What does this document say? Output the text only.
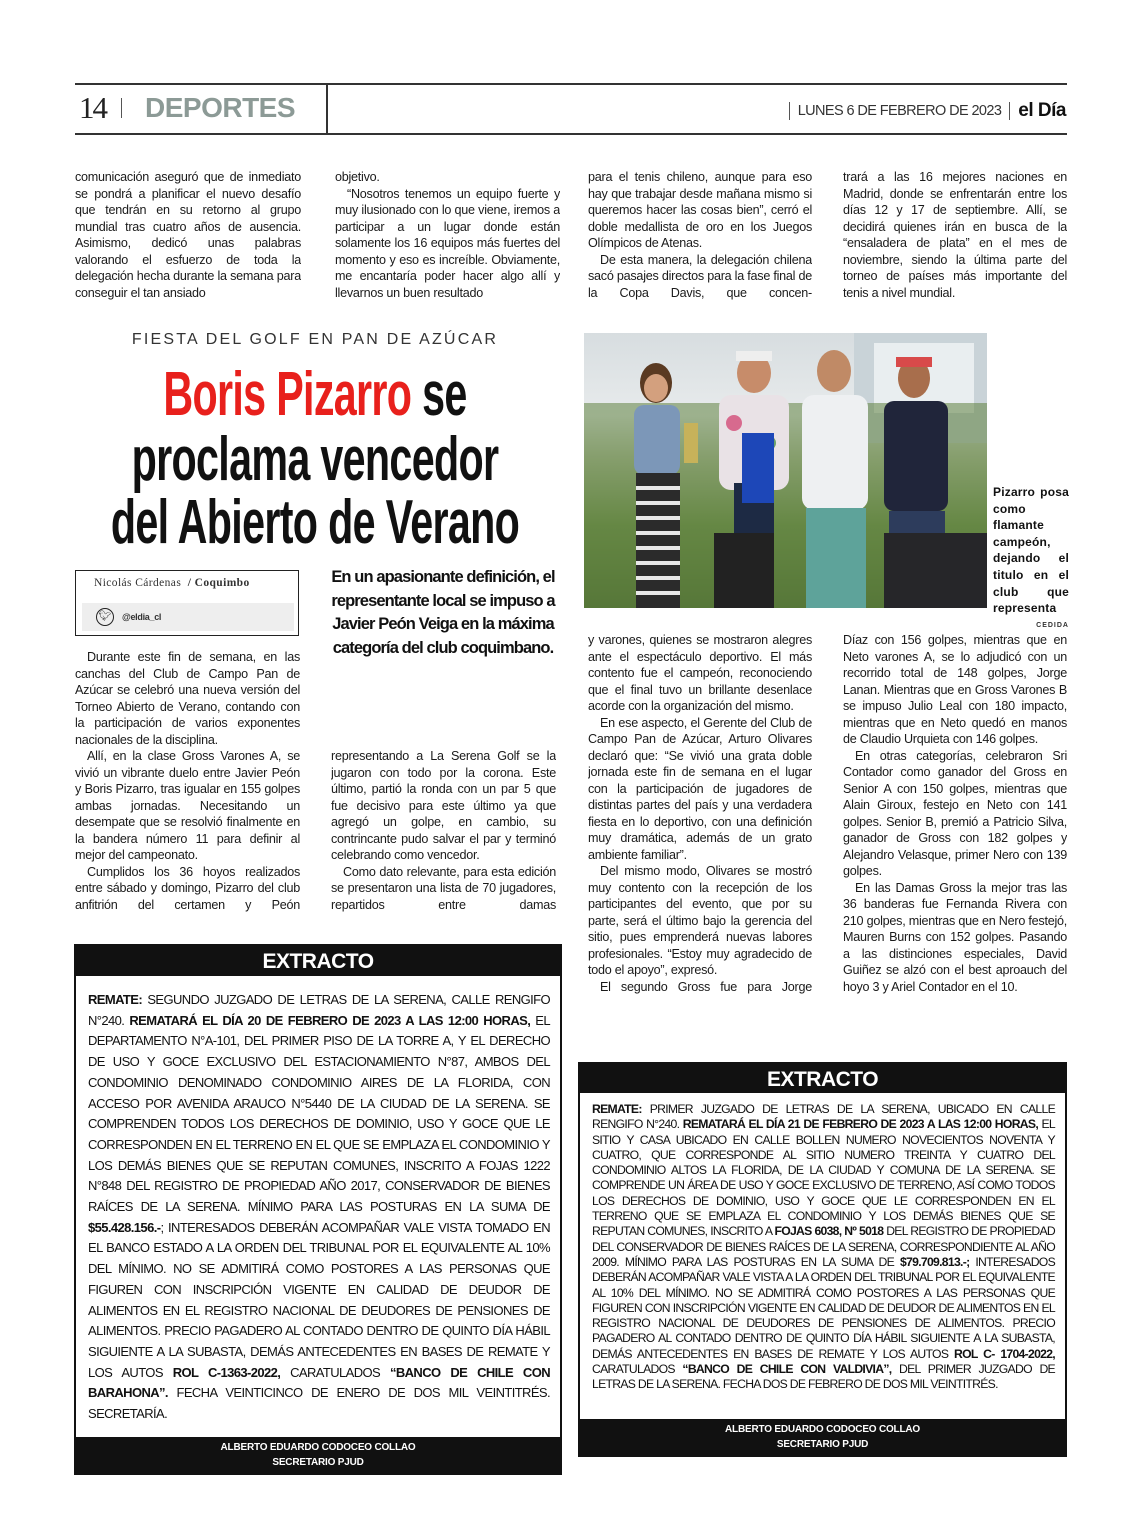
14 DEPORTES	LUNES 6 DE FEBRERO DE 2023 el Día

comunicación aseguró que de inmediato se pondrá a planificar el nuevo desafío que tendrán en su retorno al grupo mundial tras cuatro años de ausencia. Asimismo, dedicó unas palabras valorando el esfuerzo de toda la delegación hecha durante la semana para conseguir el tan ansiado

objetivo.

“Nosotros tenemos un equipo fuerte y muy ilusionado con lo que viene, iremos a participar a un lugar donde están solamente los 16 equipos más fuertes del momento y eso es increíble. Obviamente, me encantaría poder hacer algo allí y llevarnos un buen resultado

para el tenis chileno, aunque para eso hay que trabajar desde mañana mismo si queremos hacer las cosas bien”, cerró el doble medallista de oro en los Juegos Olímpicos de Atenas.

De esta manera, la delegación chilena sacó pasajes directos para la fase final de la Copa Davis, que concen-

trará a las 16 mejores naciones en Madrid, donde se enfrentarán entre los días 12 y 17 de septiembre. Allí, se decidirá quienes irán en busca de la “ensaladera de plata” en el mes de noviembre, siendo la última parte del torneo de países más importante del tenis a nivel mundial.

FIESTA DEL GOLF EN PAN DE AZÚCAR
Boris Pizarro se
proclama vencedor
del Abierto de Verano
Nicolás Cárdenas / Coquimbo
🐦︎ @eldia_cl
En un apasionante definición, el representante local se impuso a Javier Peón Veiga en la máxima categoría del club coquimbano.

representando a La Serena Golf se la jugaron con todo por la corona. Este último, partió la ronda con un par 5 que fue decisivo para este último ya que agregó un golpe, en cambio, su contrincante pudo salvar el par y terminó celebrando como vencedor.

Como dato relevante, para esta edición se presentaron una lista de 70 jugadores, repartidos entre damas

Pizarro posa como flamante campeón, dejando el titulo en el club que representa
CEDIDA

Durante este fin de semana, en las canchas del Club de Campo Pan de Azúcar se celebró una nueva versión del Torneo Abierto de Verano, contando con la participación de varios exponentes nacionales de la disciplina.

Allí, en la clase Gross Varones A, se vivió un vibrante duelo entre Javier Peón y Boris Pizarro, tras igualar en 155 golpes ambas jornadas. Necesitando un desempate que se resolvió finalmente en la bandera número 11 para definir al mejor del campeonato.

Cumplidos los 36 hoyos realizados entre sábado y domingo, Pizarro del club anfitrión del certamen y Peón

y varones, quienes se mostraron alegres ante el espectáculo deportivo. El más contento fue el campeón, reconociendo que el final tuvo un brillante desenlace acorde con la organización del mismo.

En ese aspecto, el Gerente del Club de Campo Pan de Azúcar, Arturo Olivares declaró que: “Se vivió una grata doble jornada este fin de semana en el lugar con la participación de jugadores de distintas partes del país y una verdadera fiesta en lo deportivo, con una definición muy dramática, además de un grato ambiente familiar”.

Del mismo modo, Olivares se mostró muy contento con la recepción de los participantes del evento, que por su parte, será el último bajo la gerencia del sitio, pues emprenderá nuevas labores profesionales. “Estoy muy agradecido de todo el apoyo”, expresó.

El segundo Gross fue para Jorge

Díaz con 156 golpes, mientras que en Neto varones A, se lo adjudicó con un recorrido total de 148 golpes, Jorge Lanan. Mientras que en Gross Varones B se impuso Julio Leal con 180 impacto, mientras que en Neto quedó en manos de Claudio Urquieta con 146 golpes.

En otras categorías, celebraron Sri Contador como ganador del Gross en Senior A con 150 golpes, mientras que Alain Giroux, festejo en Neto con 141 golpes. Senior B, premió a Patricio Silva, ganador de Gross con 182 golpes y Alejandro Velasque, primer Nero con 139 golpes.

En las Damas Gross la mejor tras las 36 banderas fue Fernanda Rivera con 210 golpes, mientras que en Nero festejó, Mauren Burns con 152 golpes. Pasando a las distinciones especiales, David Guiñez se alzó con el best aproauch del hoyo 3 y Ariel Contador en el 10.

EXTRACTO
REMATE: SEGUNDO JUZGADO DE LETRAS DE LA SERENA, CALLE RENGIFO N°240. REMATARÁ EL DÍA 20 DE FEBRERO DE 2023 A LAS 12:00 HORAS, EL DEPARTAMENTO N°A-101, DEL PRIMER PISO DE LA TORRE A, Y EL DERECHO DE USO Y GOCE EXCLUSIVO DEL ESTACIONAMIENTO N°87, AMBOS DEL CONDOMINIO DENOMINADO CONDOMINIO AIRES DE LA FLORIDA, CON ACCESO POR AVENIDA ARAUCO N°5440 DE LA CIUDAD DE LA SERENA. SE COMPRENDEN TODOS LOS DERECHOS DE DOMINIO, USO Y GOCE QUE LE CORRESPONDEN EN EL TERRENO EN EL QUE SE EMPLAZA EL CONDOMINIO Y LOS DEMÁS BIENES QUE SE REPUTAN COMUNES, INSCRITO A FOJAS 1222 N°848 DEL REGISTRO DE PROPIEDAD AÑO 2017, CONSERVADOR DE BIENES RAÍCES DE LA SERENA. MÍNIMO PARA LAS POSTURAS EN LA SUMA DE $55.428.156.-; INTERESADOS DEBERÁN ACOMPAÑAR VALE VISTA TOMADO EN EL BANCO ESTADO A LA ORDEN DEL TRIBUNAL POR EL EQUIVALENTE AL 10% DEL MÍNIMO. NO SE ADMITIRÁ COMO POSTORES A LAS PERSONAS QUE FIGUREN CON INSCRIPCIÓN VIGENTE EN CALIDAD DE DEUDOR DE ALIMENTOS EN EL REGISTRO NACIONAL DE DEUDORES DE PENSIONES DE ALIMENTOS. PRECIO PAGADERO AL CONTADO DENTRO DE QUINTO DÍA HÁBIL SIGUIENTE A LA SUBASTA, DEMÁS ANTECEDENTES EN BASES DE REMATE Y LOS AUTOS ROL C-1363-2022, CARATULADOS “BANCO DE CHILE CON BARAHONA”. FECHA VEINTICINCO DE ENERO DE DOS MIL VEINTITRÉS. SECRETARÍA.
ALBERTO EDUARDO CODOCEO COLLAO
SECRETARIO PJUD
EXTRACTO
REMATE: PRIMER JUZGADO DE LETRAS DE LA SERENA, UBICADO EN CALLE RENGIFO N°240. REMATARÁ EL DÍA 21 DE FEBRERO DE 2023 A LAS 12:00 HORAS, EL SITIO Y CASA UBICADO EN CALLE BOLLEN NUMERO NOVECIENTOS NOVENTA Y CUATRO, QUE CORRESPONDE AL SITIO NUMERO TREINTA Y CUATRO DEL CONDOMINIO ALTOS LA FLORIDA, DE LA CIUDAD Y COMUNA DE LA SERENA. SE COMPRENDE UN ÁREA DE USO Y GOCE EXCLUSIVO DE TERRENO, ASÍ COMO TODOS LOS DERECHOS DE DOMINIO, USO Y GOCE QUE LE CORRESPONDEN EN EL TERRENO QUE SE EMPLAZA EL CONDOMINIO Y LOS DEMÁS BIENES QUE SE REPUTAN COMUNES, INSCRITO A FOJAS 6038, Nº 5018 DEL REGISTRO DE PROPIEDAD DEL CONSERVADOR DE BIENES RAÍCES DE LA SERENA, CORRESPONDIENTE AL AÑO 2009. MÍNIMO PARA LAS POSTURAS EN LA SUMA DE $79.709.813.-; INTERESADOS DEBERÁN ACOMPAÑAR VALE VISTA A LA ORDEN DEL TRIBUNAL POR EL EQUIVALENTE AL 10% DEL MÍNIMO. NO SE ADMITIRÁ COMO POSTORES A LAS PERSONAS QUE FIGUREN CON INSCRIPCIÓN VIGENTE EN CALIDAD DE DEUDOR DE ALIMENTOS EN EL REGISTRO NACIONAL DE DEUDORES DE PENSIONES DE ALIMENTOS. PRECIO PAGADERO AL CONTADO DENTRO DE QUINTO DÍA HÁBIL SIGUIENTE A LA SUBASTA, DEMÁS ANTECEDENTES EN BASES DE REMATE Y LOS AUTOS ROL C- 1704-2022, CARATULADOS “BANCO DE CHILE CON VALDIVIA”, DEL PRIMER JUZGADO DE LETRAS DE LA SERENA. FECHA DOS DE FEBRERO DE DOS MIL VEINTITRÉS.
ALBERTO EDUARDO CODOCEO COLLAO
SECRETARIO PJUD
